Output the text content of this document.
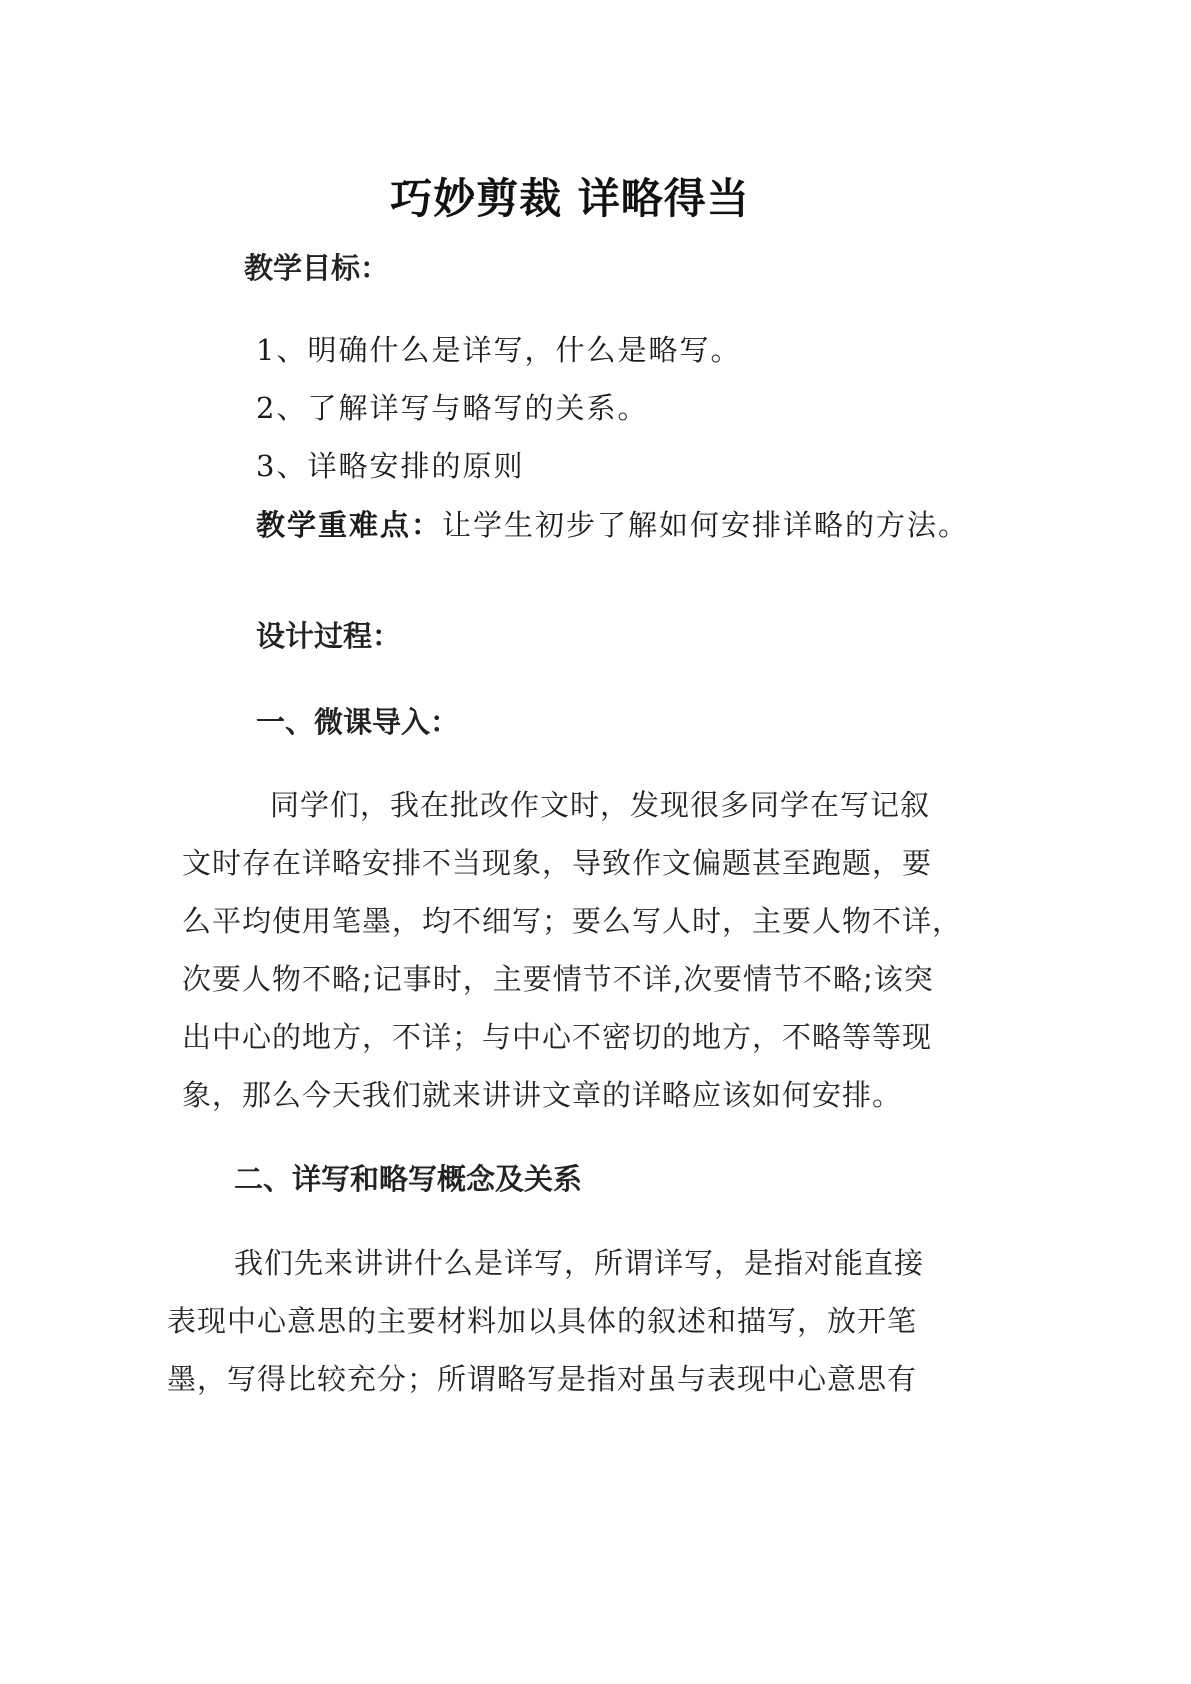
巧妙剪裁 详略得当

教学目标：

1、明确什么是详写，什么是略写。

2、了解详写与略写的关系。

3、详略安排的原则

教学重难点：让学生初步了解如何安排详略的方法。

设计过程：

一、微课导入：

同学们，我在批改作文时，发现很多同学在写记叙

文时存在详略安排不当现象，导致作文偏题甚至跑题，要

么平均使用笔墨，均不细写；要么写人时，主要人物不详，

次要人物不略;记事时，主要情节不详,次要情节不略;该突

出中心的地方，不详；与中心不密切的地方，不略等等现

象，那么今天我们就来讲讲文章的详略应该如何安排。

二、详写和略写概念及关系

我们先来讲讲什么是详写，所谓详写，是指对能直接

表现中心意思的主要材料加以具体的叙述和描写，放开笔

墨，写得比较充分；所谓略写是指对虽与表现中心意思有
